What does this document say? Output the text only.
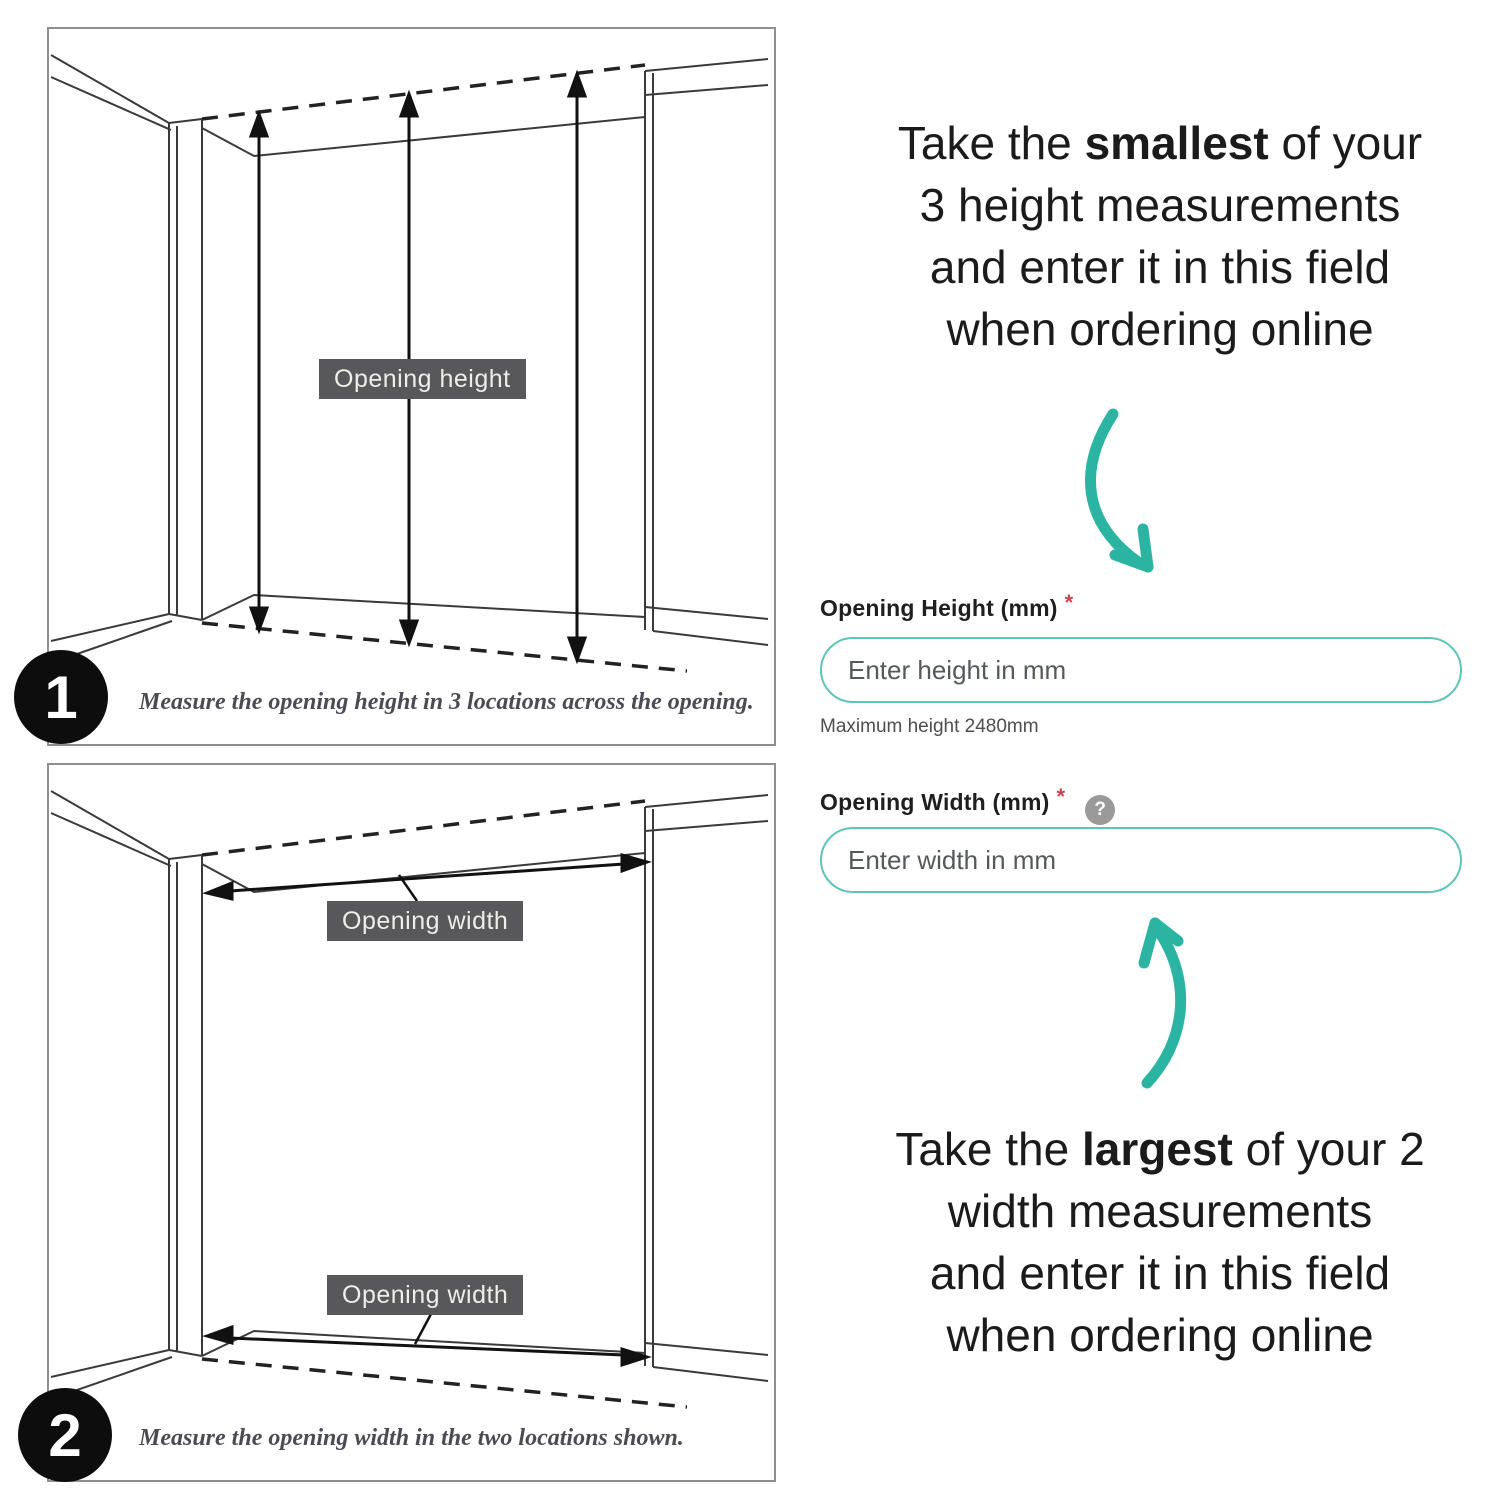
Opening height
Measure the opening height in 3 locations across the opening.
1
Opening width
Opening width
Measure the opening width in the two locations shown.
2
Take the smallest of your
3 height measurements
and enter it in this field
when ordering online
Opening Height (mm) *
Enter height in mm
Maximum height 2480mm
Opening Width (mm) *?
Enter width in mm
Take the largest of your 2
width measurements
and enter it in this field
when ordering online
